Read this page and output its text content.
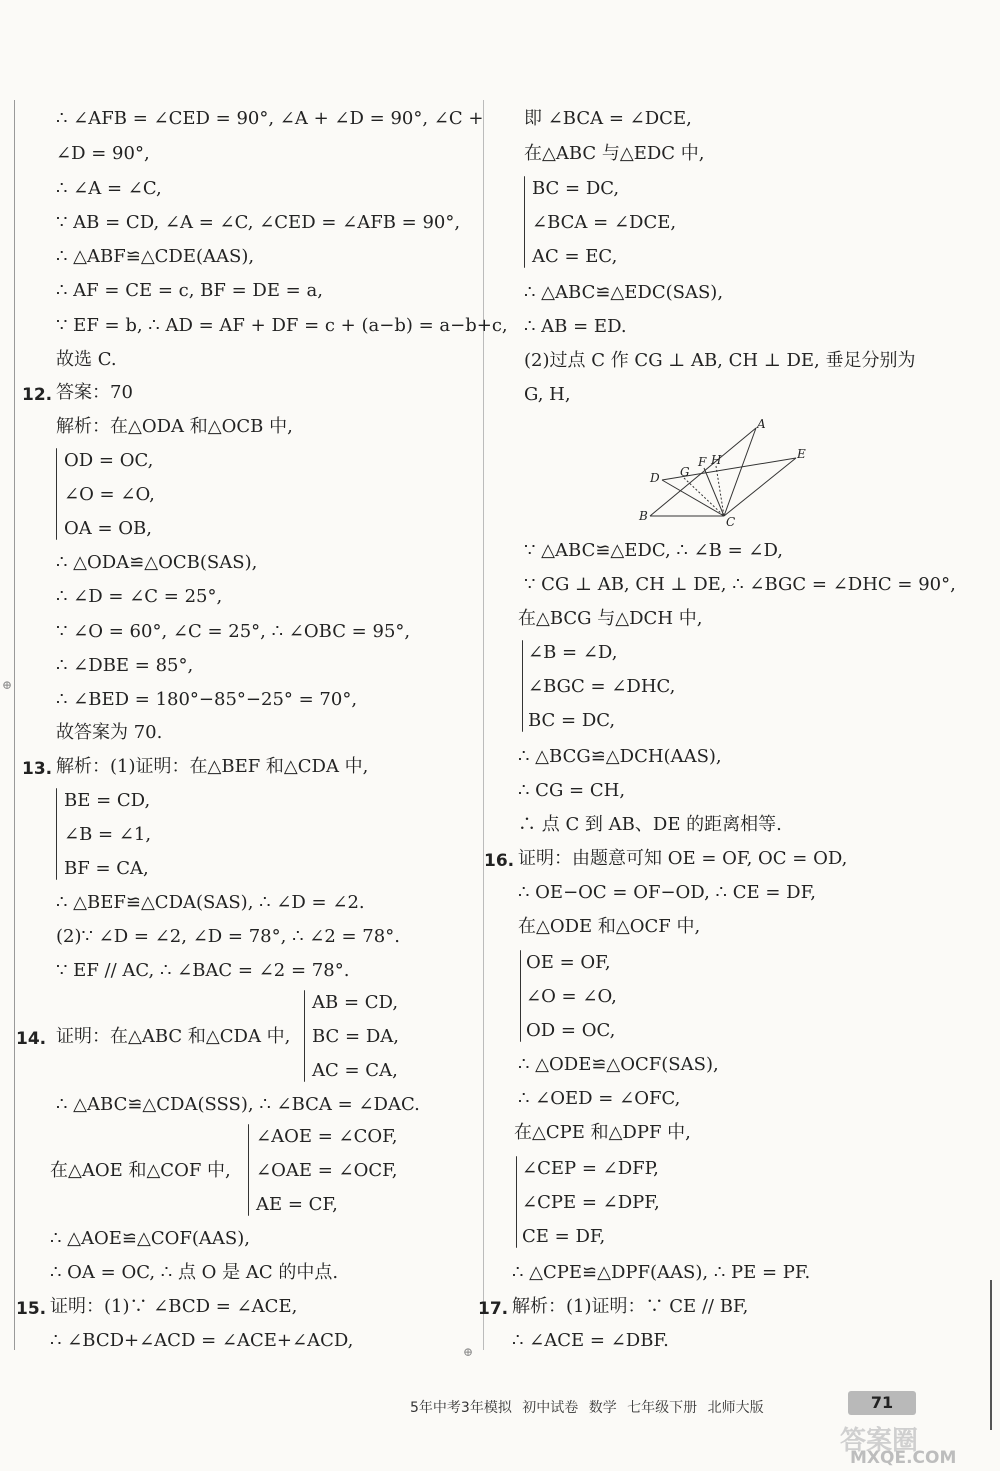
⊕
∴ ∠AFB = ∠CED = 90°, ∠A + ∠D = 90°, ∠C +
∠D = 90°,
∴ ∠A = ∠C,
∵ AB = CD, ∠A = ∠C, ∠CED = ∠AFB = 90°,
∴ △ABF≌△CDE(AAS),
∴ AF = CE = c, BF = DE = a,
∵ EF = b, ∴ AD = AF + DF = c + (a−b) = a−b+c,
故选 C.
12. 答案：70
解析：在△ODA 和△OCB 中,
OD = OC,
∠O = ∠O,
OA = OB,
∴ △ODA≌△OCB(SAS),
∴ ∠D = ∠C = 25°,
∵ ∠O = 60°, ∠C = 25°, ∴ ∠OBC = 95°,
∴ ∠DBE = 85°,
∴ ∠BED = 180°−85°−25° = 70°,
故答案为 70.
13. 解析：(1)证明：在△BEF 和△CDA 中,
BE = CD,
∠B = ∠1,
BF = CA,
∴ △BEF≌△CDA(SAS), ∴ ∠D = ∠2.
(2)∵ ∠D = ∠2, ∠D = 78°, ∴ ∠2 = 78°.
∵ EF // AC, ∴ ∠BAC = ∠2 = 78°.
AB = CD,
14. 证明：在△ABC 和△CDA 中, BC = DA,
AC = CA,
∴ △ABC≌△CDA(SSS), ∴ ∠BCA = ∠DAC.
∠AOE = ∠COF,
在△AOE 和△COF 中, ∠OAE = ∠OCF,
AE = CF,
∴ △AOE≌△COF(AAS),
∴ OA = OC, ∴ 点 O 是 AC 的中点.
15. 证明：(1)∵ ∠BCD = ∠ACE,
∴ ∠BCD+∠ACD = ∠ACE+∠ACD,
即 ∠BCA = ∠DCE,
在△ABC 与△EDC 中,
BC = DC,
∠BCA = ∠DCE,
AC = EC,
∴ △ABC≌△EDC(SAS),
∴ AB = ED.
(2)过点 C 作 CG ⊥ AB, CH ⊥ DE, 垂足分别为
G, H,
A
B	C
D
E
F
G
H
∵ △ABC≌△EDC, ∴ ∠B = ∠D,
∵ CG ⊥ AB, CH ⊥ DE, ∴ ∠BGC = ∠DHC = 90°,
在△BCG 与△DCH 中,
∠B = ∠D,
∠BGC = ∠DHC,
BC = DC,
∴ △BCG≌△DCH(AAS),
∴ CG = CH,
∴ 点 C 到 AB、DE 的距离相等.
16. 证明：由题意可知 OE = OF, OC = OD,
∴ OE−OC = OF−OD, ∴ CE = DF,
在△ODE 和△OCF 中,
OE = OF,
∠O = ∠O,
OD = OC,
∴ △ODE≌△OCF(SAS),
∴ ∠OED = ∠OFC,
在△CPE 和△DPF 中,
∠CEP = ∠DFP,
∠CPE = ∠DPF,
CE = DF,
∴ △CPE≌△DPF(AAS), ∴ PE = PF.
17. 解析：(1)证明：∵ CE // BF,
∴ ∠ACE = ∠DBF.
⊕
5年中考3年模拟 初中试卷 数学 七年级下册 北师大版	71
答案圈
MXQE.COM
